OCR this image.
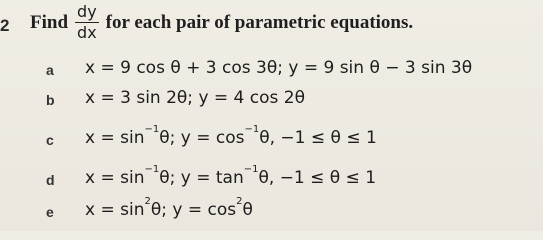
2 Find $\frac{dy}{dx}$ for each pair of parametric equations.
a	x = 9 cos θ + 3 cos 3θ; y = 9 sin θ − 3 sin 3θ
b	x = 3 sin 2θ; y = 4 cos 2θ
c	$x = \sin^{-1}\theta$; $y = \cos^{-1}\theta$, −1 ≤ θ ≤ 1
d	$x = \sin^{-1}\theta$; $y = \tan^{-1}\theta$, −1 ≤ θ ≤ 1
e	$x = \sin^2\theta$; $y = \cos^2\theta$
